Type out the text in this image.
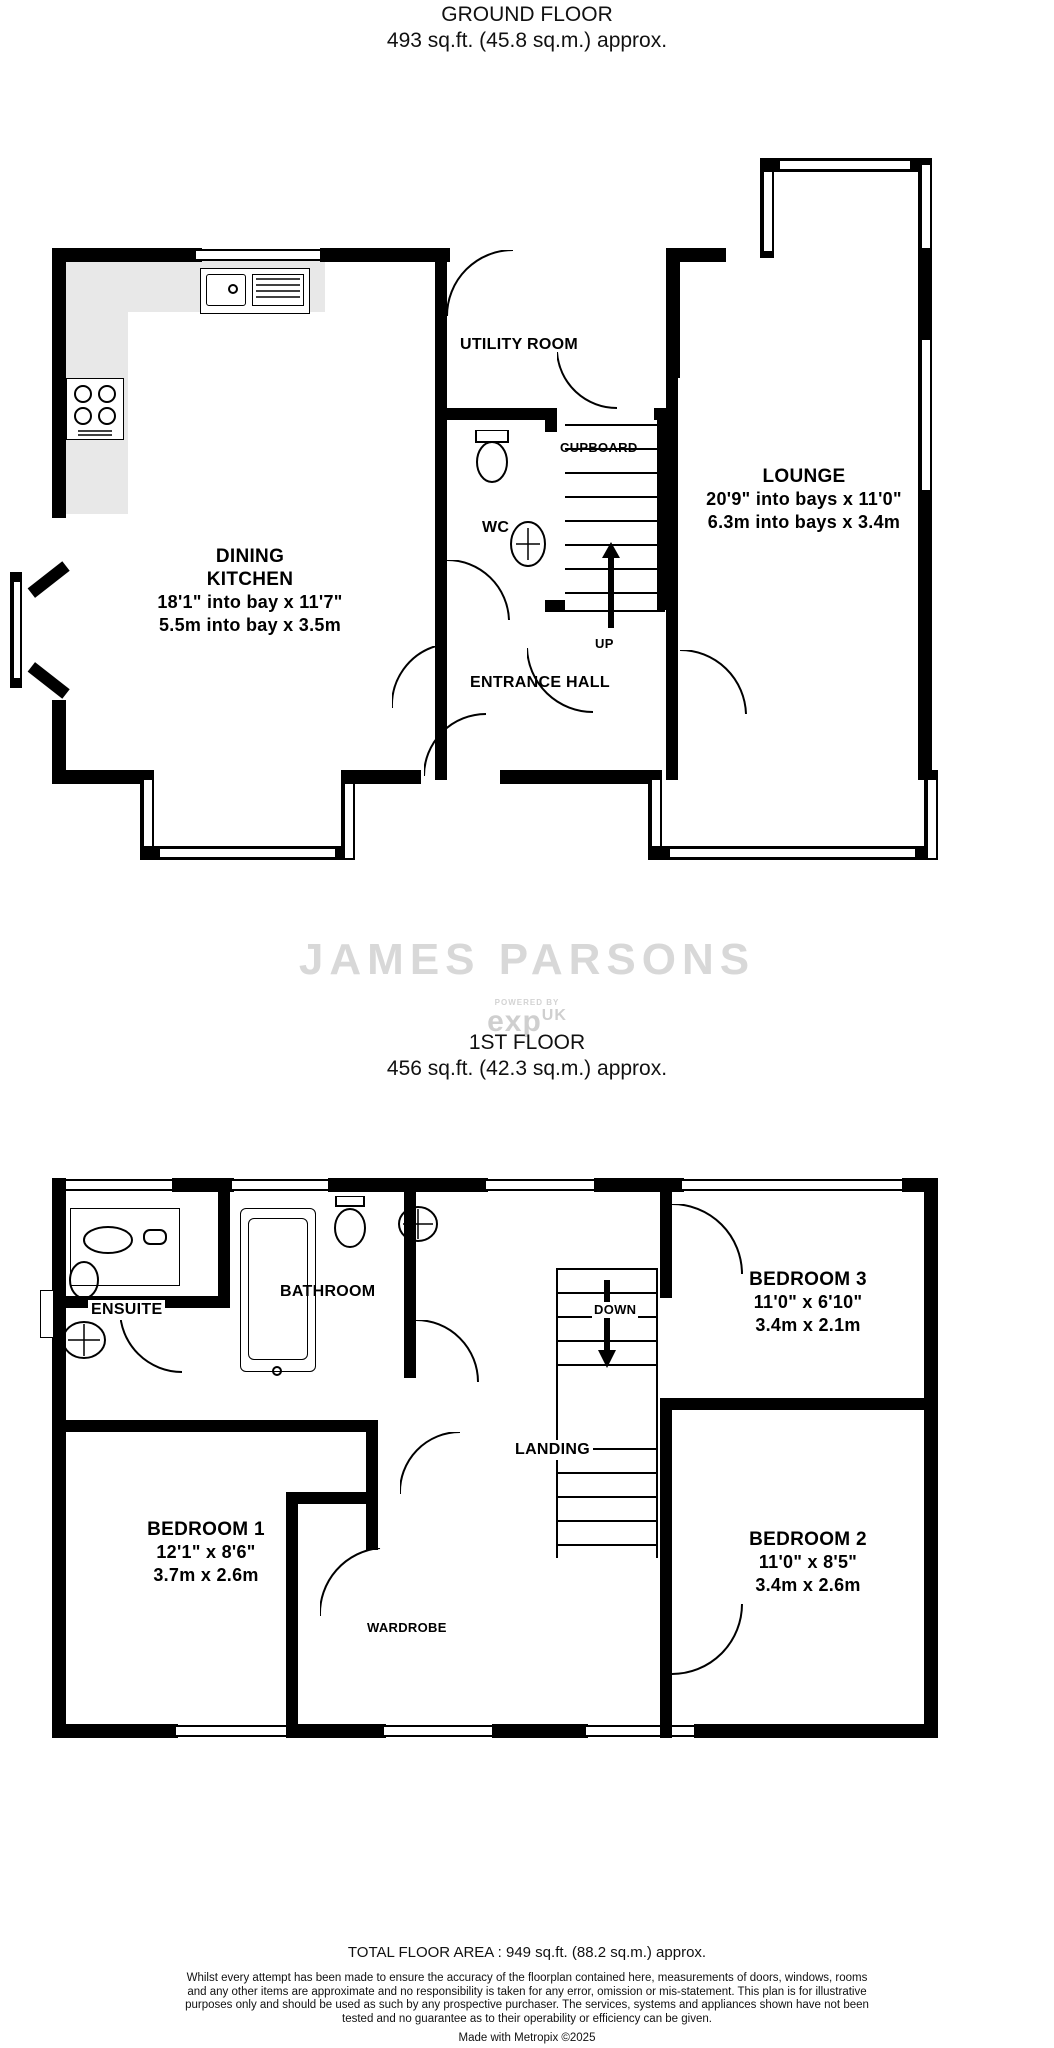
GROUND FLOOR
493 sq.ft. (45.8 sq.m.) approx.
UP
UTILITY ROOM
CUPBOARD
WC
ENTRANCE HALL
DINING
KITCHEN
18'1" into bay x 11'7"
5.5m into bay x 3.5m
LOUNGE
20'9" into bays x 11'0"
6.3m into bays x 3.4m
JAMES PARSONS
$\exp^{UK}$
POWERED BY
1ST FLOOR
456 sq.ft. (42.3 sq.m.) approx.
DOWN
ENSUITE
BATHROOM
LANDING
WARDROBE
BEDROOM 3
11'0" x 6'10"
3.4m x 2.1m
BEDROOM 1
12'1" x 8'6"
3.7m x 2.6m
BEDROOM 2
11'0" x 8'5"
3.4m x 2.6m
TOTAL FLOOR AREA : 949 sq.ft. (88.2 sq.m.) approx.
Whilst every attempt has been made to ensure the accuracy of the floorplan contained here, measurements of doors, windows, rooms and any other items are approximate and no responsibility is taken for any error, omission or mis-statement. This plan is for illustrative purposes only and should be used as such by any prospective purchaser. The services, systems and appliances shown have not been tested and no guarantee as to their operability or efficiency can be given.
Made with Metropix ©2025
